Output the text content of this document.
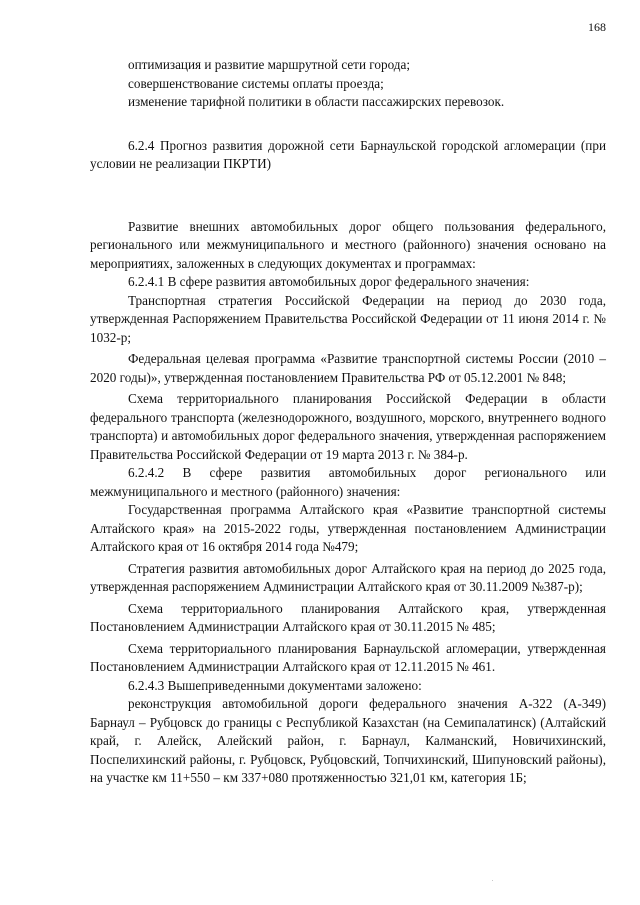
168

оптимизация и развитие маршрутной сети города;

совершенствование системы оплаты проезда;

изменение тарифной политики в области пассажирских перевозок.

6.2.4 Прогноз развития дорожной сети Барнаульской городской агломерации (при условии не реализации ПКРТИ)

Развитие внешних автомобильных дорог общего пользования федерального, регионального или межмуниципального и местного (районного) значения основано на мероприятиях, заложенных в следующих документах и программах:

6.2.4.1 В сфере развития автомобильных дорог федерального значения:

Транспортная стратегия Российской Федерации на период до 2030 года, утвержденная Распоряжением Правительства Российской Федерации от 11 июня 2014 г. № 1032-р;

Федеральная целевая программа «Развитие транспортной системы России (2010 – 2020 годы)», утвержденная постановлением Правительства РФ от 05.12.2001 № 848;

Схема территориального планирования Российской Федерации в области федерального транспорта (железнодорожного, воздушного, морского, внутреннего водного транспорта) и автомобильных дорог федерального значения, утвержденная распоряжением Правительства Российской Федерации от 19 марта 2013 г. № 384-р.

6.2.4.2 В сфере развития автомобильных дорог регионального или межмуниципального и местного (районного) значения:

Государственная программа Алтайского края «Развитие транспортной системы Алтайского края» на 2015-2022 годы, утвержденная постановлением Администрации Алтайского края от 16 октября 2014 года №479;

Стратегия развития автомобильных дорог Алтайского края на период до 2025 года, утвержденная распоряжением Администрации Алтайского края от 30.11.2009 №387-р);

Схема территориального планирования Алтайского края, утвержденная Постановлением Администрации Алтайского края от 30.11.2015 № 485;

Схема территориального планирования Барнаульской агломерации, утвержденная Постановлением Администрации Алтайского края от 12.11.2015 № 461.

6.2.4.3 Вышеприведенными документами заложено:

реконструкция автомобильной дороги федерального значения А-322 (А-349) Барнаул – Рубцовск до границы с Республикой Казахстан (на Семипалатинск) (Алтайский край, г. Алейск, Алейский район, г. Барнаул, Калманский, Новичихинский, Поспелихинский районы, г. Рубцовск, Рубцовский, Топчихинский, Шипуновский районы), на участке км 11+550 – км 337+080 протяженностью 321,01 км, категория 1Б;
